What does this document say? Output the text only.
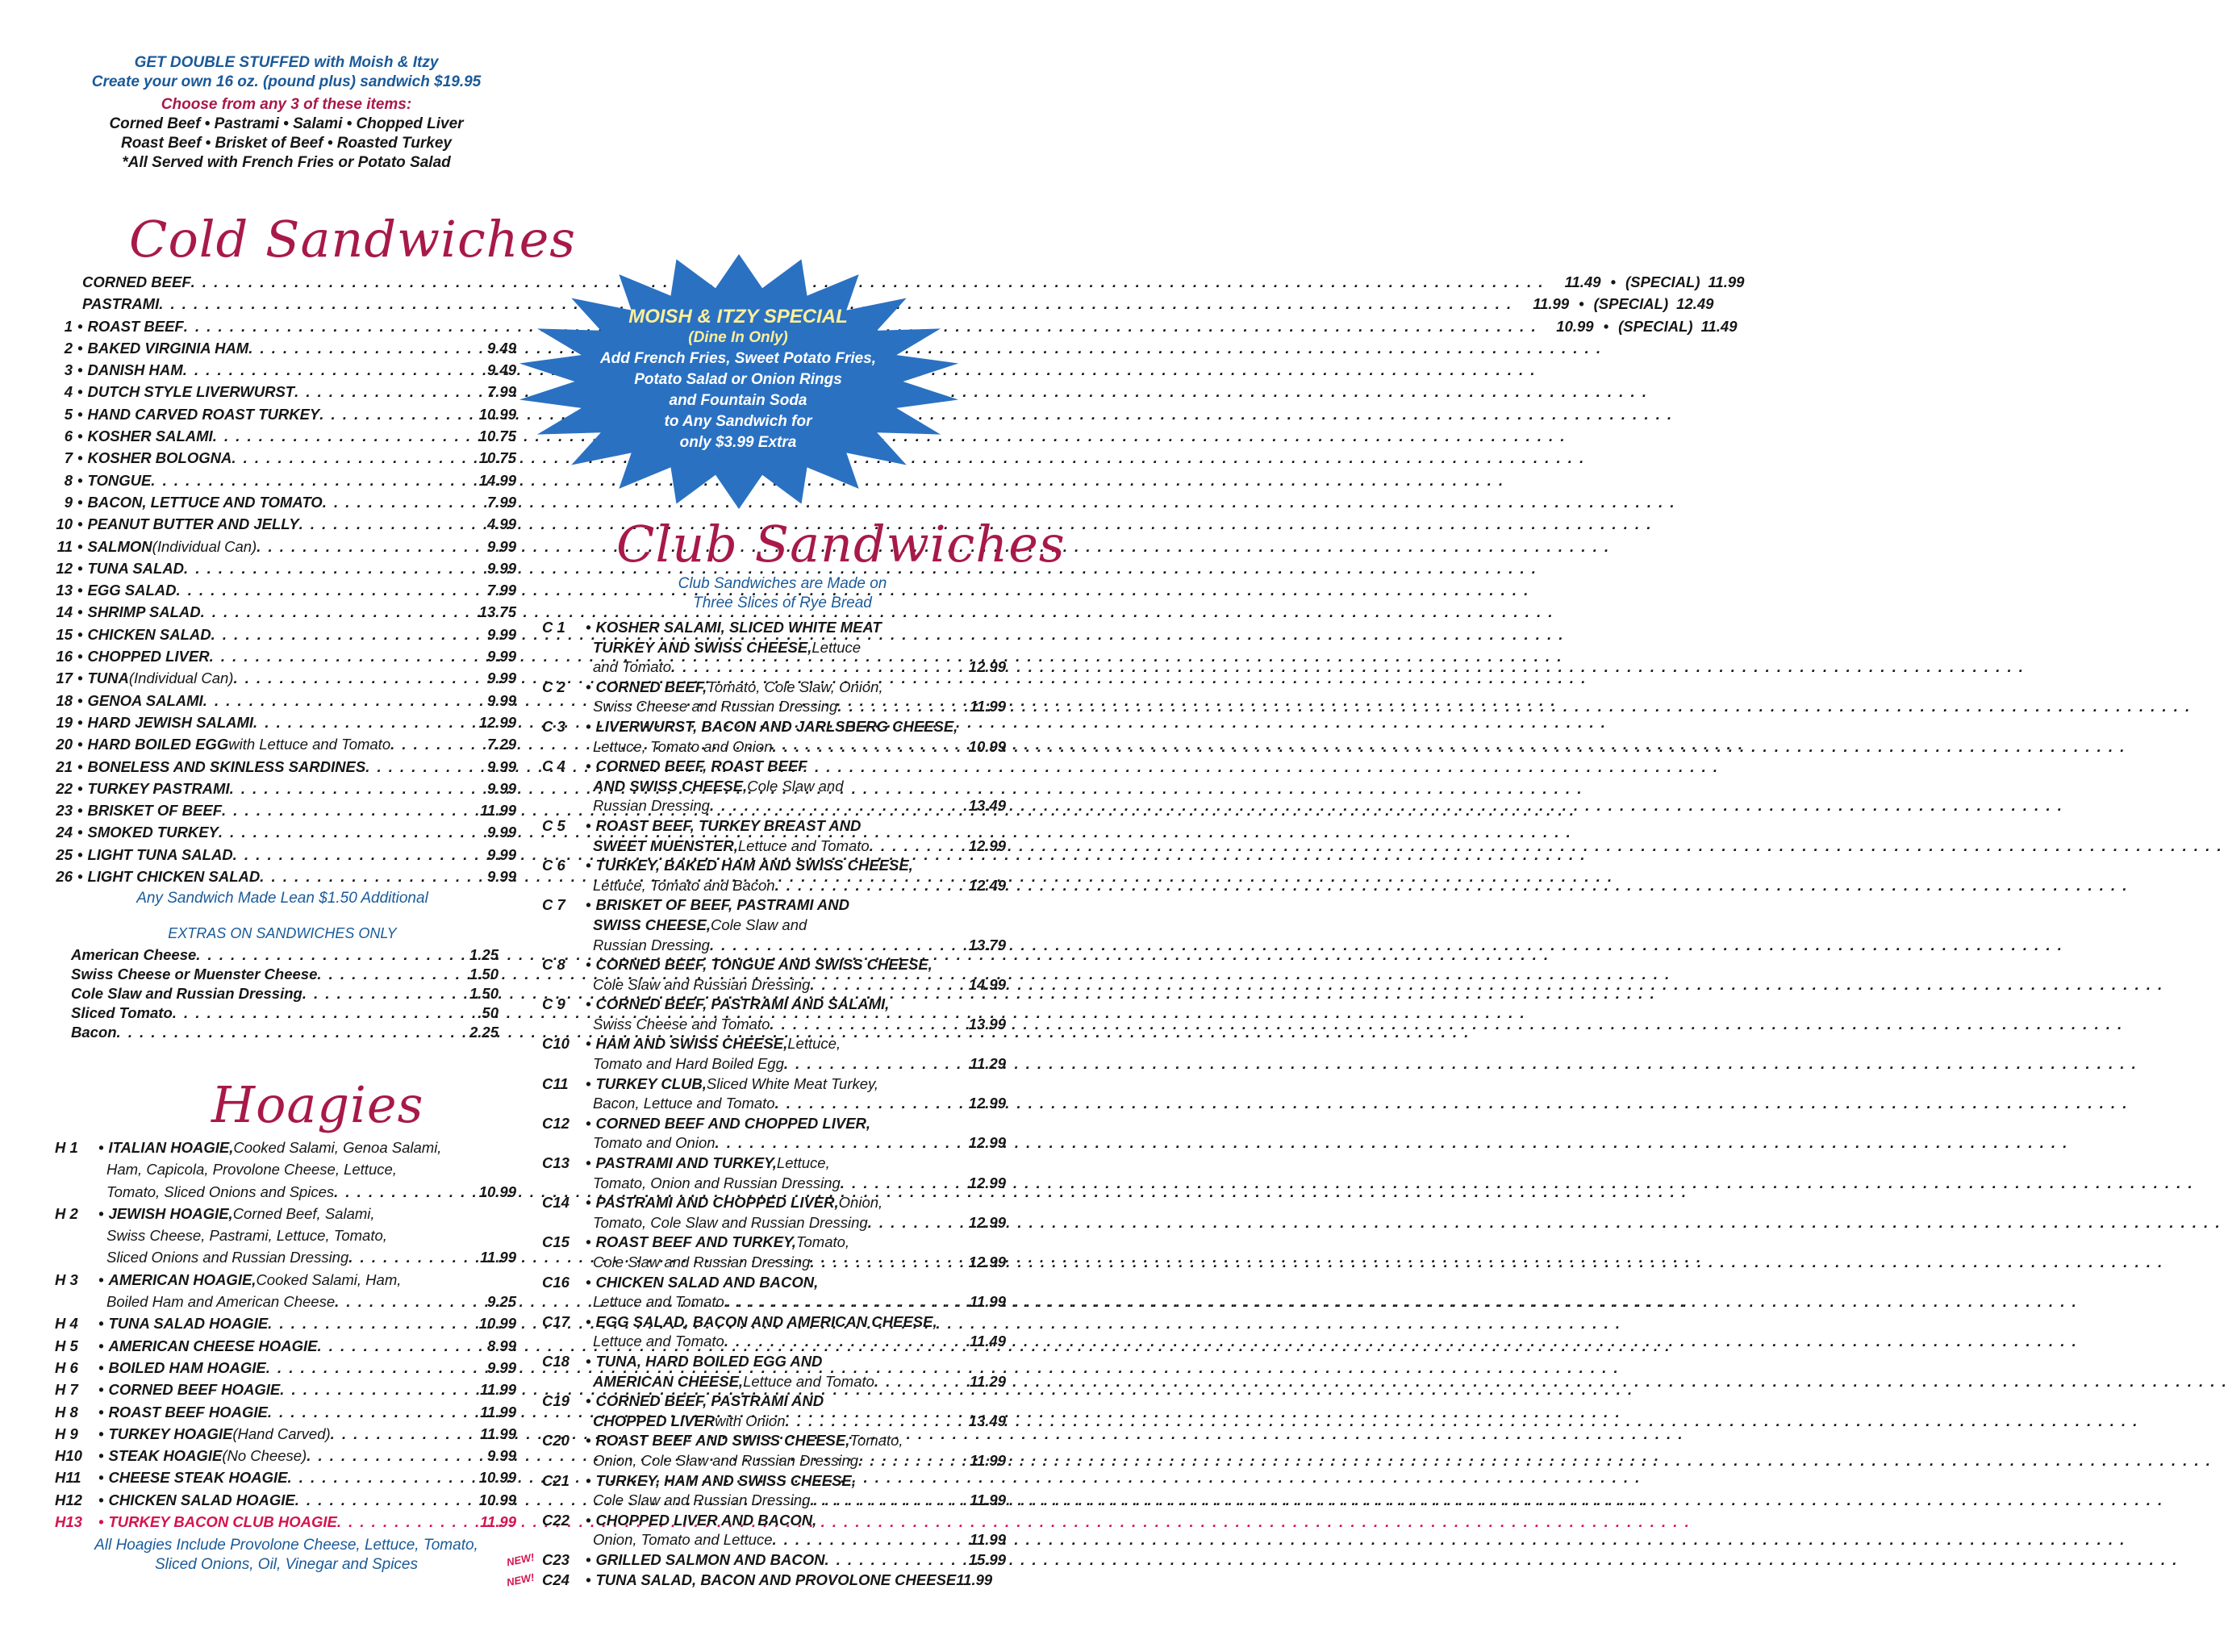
GET DOUBLE STUFFED with Moish & Itzy
Create your own 16 oz. (pound plus) sandwich $19.95
Choose from any 3 of these items:
Corned Beef • Pastrami • Salami • Chopped Liver
Roast Beef • Brisket of Beef • Roasted Turkey
*All Served with French Fries or Potato Salad
Cold Sandwiches
CORNED BEEF . . .	11.49 • (SPECIAL) 11.99
PASTRAMI . . .	11.99 • (SPECIAL) 12.49
1 • ROAST BEEF . . .	10.99 • (SPECIAL) 11.49
2 • BAKED VIRGINIA HAM . . .	9.49
3 • DANISH HAM . . .	9.49
4 • DUTCH STYLE LIVERWURST . . .	7.99
5 • HAND CARVED ROAST TURKEY . . .	10.99
6 • KOSHER SALAMI . . .	10.75
7 • KOSHER BOLOGNA . . .	10.75
8 • TONGUE . . .	14.99
9 • BACON, LETTUCE AND TOMATO . . .	7.99
10 • PEANUT BUTTER AND JELLY . . .	4.99
11 • SALMON (Individual Can) . . .	9.99
12 • TUNA SALAD . . .	9.99
13 • EGG SALAD . . .	7.99
14 • SHRIMP SALAD . . .	13.75
15 • CHICKEN SALAD . . .	9.99
16 • CHOPPED LIVER . . .	9.99
17 • TUNA (Individual Can) . . .	9.99
18 • GENOA SALAMI . . .	9.99
19 • HARD JEWISH SALAMI . . .	12.99
20 • HARD BOILED EGG with Lettuce and Tomato . . .	7.29
21 • BONELESS AND SKINLESS SARDINES . . .	9.99
22 • TURKEY PASTRAMI . . .	9.99
23 • BRISKET OF BEEF . . .	11.99
24 • SMOKED TURKEY . . .	9.99
25 • LIGHT TUNA SALAD . . .	9.99
26 • LIGHT CHICKEN SALAD . . .	9.99
Any Sandwich Made Lean $1.50 Additional
EXTRAS ON SANDWICHES ONLY
American Cheese . . .	1.25
Swiss Cheese or Muenster Cheese . . .	1.50
Cole Slaw and Russian Dressing . . .	1.50
Sliced Tomato . . .	.50
Bacon . . .	2.25
Hoagies
H 1	• ITALIAN HOAGIE, Cooked Salami, Genoa Salami,
Ham, Capicola, Provolone Cheese, Lettuce,
Tomato, Sliced Onions and Spices . . .	10.99
H 2	• JEWISH HOAGIE, Corned Beef, Salami,
Swiss Cheese, Pastrami, Lettuce, Tomato,
Sliced Onions and Russian Dressing . . .	11.99
H 3	• AMERICAN HOAGIE, Cooked Salami, Ham,
Boiled Ham and American Cheese . . .	9.25
H 4	• TUNA SALAD HOAGIE . . .	10.99
H 5	• AMERICAN CHEESE HOAGIE . . .	8.99
H 6	• BOILED HAM HOAGIE . . .	9.99
H 7	• CORNED BEEF HOAGIE . . .	11.99
H 8	• ROAST BEEF HOAGIE . . .	11.99
H 9	• TURKEY HOAGIE (Hand Carved) . . .	11.99
H10	• STEAK HOAGIE (No Cheese) . . .	9.99
H11	• CHEESE STEAK HOAGIE . . .	10.99
H12	• CHICKEN SALAD HOAGIE . . .	10.99
H13	• TURKEY BACON CLUB HOAGIE . . .	11.99
All Hoagies Include Provolone Cheese, Lettuce, Tomato,
Sliced Onions, Oil, Vinegar and Spices
MOISH & ITZY SPECIAL
(Dine In Only)
Add French Fries, Sweet Potato Fries,
Potato Salad or Onion Rings
and Fountain Soda
to Any Sandwich for
only $3.99 Extra
Club Sandwiches
Club Sandwiches are Made on
Three Slices of Rye Bread
C 1	• KOSHER SALAMI, SLICED WHITE MEAT
TURKEY AND SWISS CHEESE, Lettuce
and Tomato . . .	12.99
C 2	• CORNED BEEF, Tomato, Cole Slaw, Onion,
Swiss Cheese and Russian Dressing . . .	11.99
C 3	• LIVERWURST, BACON AND JARLSBERG CHEESE,
Lettuce, Tomato and Onion . . .	10.99
C 4	• CORNED BEEF, ROAST BEEF
AND SWISS CHEESE, Cole Slaw and
Russian Dressing . . .	13.49
C 5	• ROAST BEEF, TURKEY BREAST AND
SWEET MUENSTER, Lettuce and Tomato . . .	12.99
C 6	• TURKEY, BAKED HAM AND SWISS CHEESE,
Lettuce, Tomato and Bacon . . .	12.49
C 7	• BRISKET OF BEEF, PASTRAMI AND
SWISS CHEESE, Cole Slaw and
Russian Dressing . . .	13.79
C 8	• CORNED BEEF, TONGUE AND SWISS CHEESE,
Cole Slaw and Russian Dressing . . .	14.99
C 9	• CORNED BEEF, PASTRAMI AND SALAMI,
Swiss Cheese and Tomato . . .	13.99
C10	• HAM AND SWISS CHEESE, Lettuce,
Tomato and Hard Boiled Egg . . .	11.29
C11	• TURKEY CLUB, Sliced White Meat Turkey,
Bacon, Lettuce and Tomato . . .	12.99
C12	• CORNED BEEF AND CHOPPED LIVER,
Tomato and Onion . . .	12.99
C13	• PASTRAMI AND TURKEY, Lettuce,
Tomato, Onion and Russian Dressing . . .	12.99
C14	• PASTRAMI AND CHOPPED LIVER, Onion,
Tomato, Cole Slaw and Russian Dressing . . .	12.99
C15	• ROAST BEEF AND TURKEY, Tomato,
Cole Slaw and Russian Dressing . . .	12.99
C16	• CHICKEN SALAD AND BACON,
Lettuce and Tomato . . .	11.99
C17	• EGG SALAD, BACON AND AMERICAN CHEESE,
Lettuce and Tomato . . .	11.49
C18	• TUNA, HARD BOILED EGG AND
AMERICAN CHEESE, Lettuce and Tomato . . .	11.29
C19	• CORNED BEEF, PASTRAMI AND
CHOPPED LIVER with Onion . . .	13.49
C20	• ROAST BEEF AND SWISS CHEESE, Tomato,
Onion, Cole Slaw and Russian Dressing . . .	11.99
C21	• TURKEY, HAM AND SWISS CHEESE,
Cole Slaw and Russian Dressing . . .	11.99
C22	• CHOPPED LIVER AND BACON,
Onion, Tomato and Lettuce . . .	11.99
NEW! C23	• GRILLED SALMON AND BACON . . .	15.99
NEW! C24	• TUNA SALAD, BACON AND PROVOLONE CHEESE 11.99
